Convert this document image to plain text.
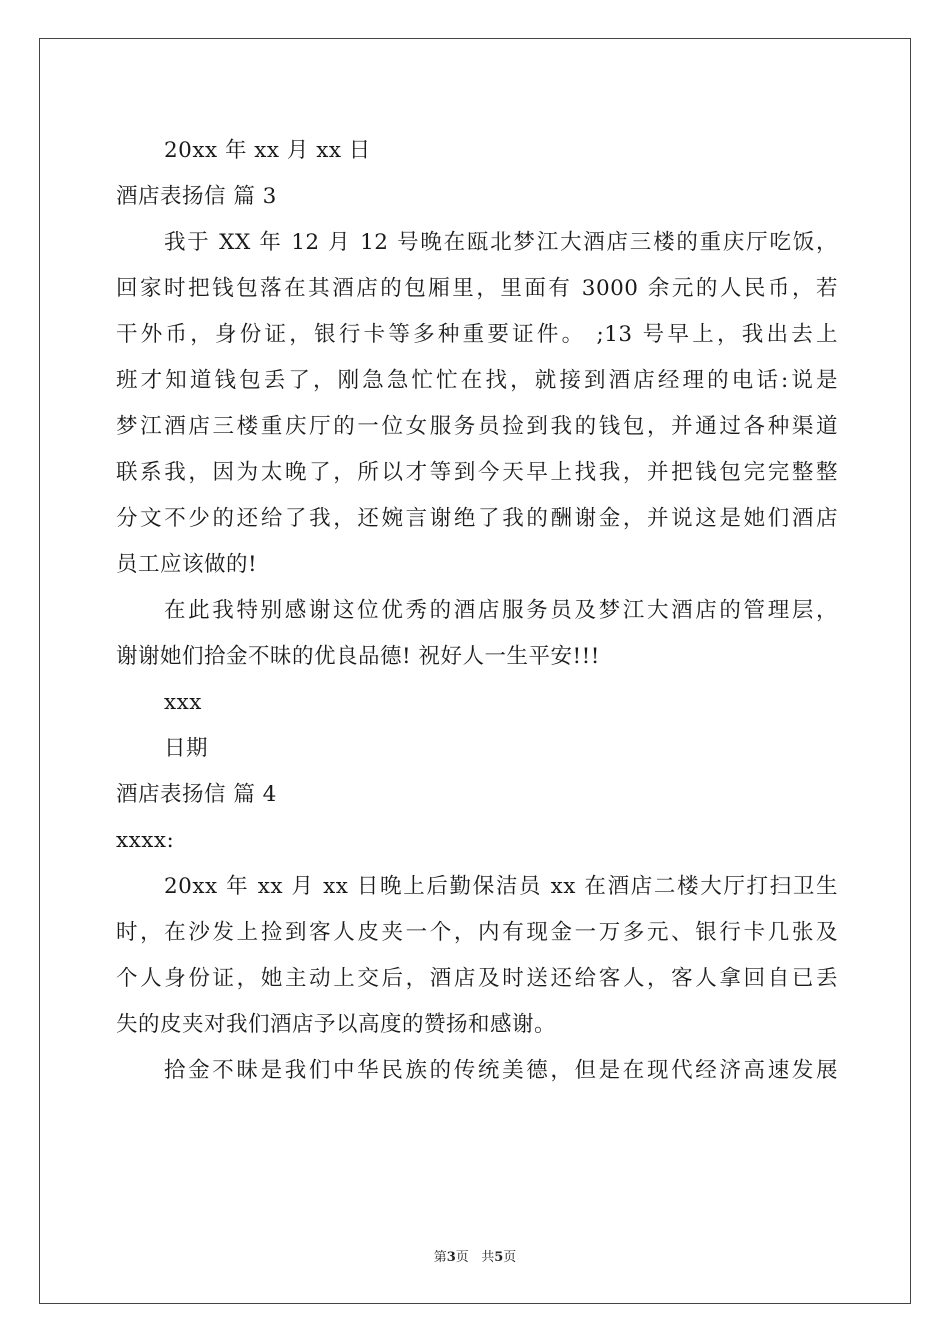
20xx 年 xx 月 xx 日
酒店表扬信 篇 3
我于 XX 年 12 月 12 号晚在瓯北梦江大酒店三楼的重庆厅吃饭，
回家时把钱包落在其酒店的包厢里，里面有 3000 余元的人民币，若
干外币，身份证，银行卡等多种重要证件。 ;13 号早上，我出去上
班才知道钱包丢了，刚急急忙忙在找，就接到酒店经理的电话:说是
梦江酒店三楼重庆厅的一位女服务员捡到我的钱包，并通过各种渠道
联系我，因为太晚了，所以才等到今天早上找我，并把钱包完完整整
分文不少的还给了我，还婉言谢绝了我的酬谢金，并说这是她们酒店
员工应该做的!
在此我特别感谢这位优秀的酒店服务员及梦江大酒店的管理层，
谢谢她们拾金不昧的优良品德! 祝好人一生平安!!!
xxx
日期
酒店表扬信 篇 4
xxxx:
20xx 年 xx 月 xx 日晚上后勤保洁员 xx 在酒店二楼大厅打扫卫生
时，在沙发上捡到客人皮夹一个，内有现金一万多元、银行卡几张及
个人身份证，她主动上交后，酒店及时送还给客人，客人拿回自已丢
失的皮夹对我们酒店予以高度的赞扬和感谢。
拾金不昧是我们中华民族的传统美德，但是在现代经济高速发展
第3页 共5页
